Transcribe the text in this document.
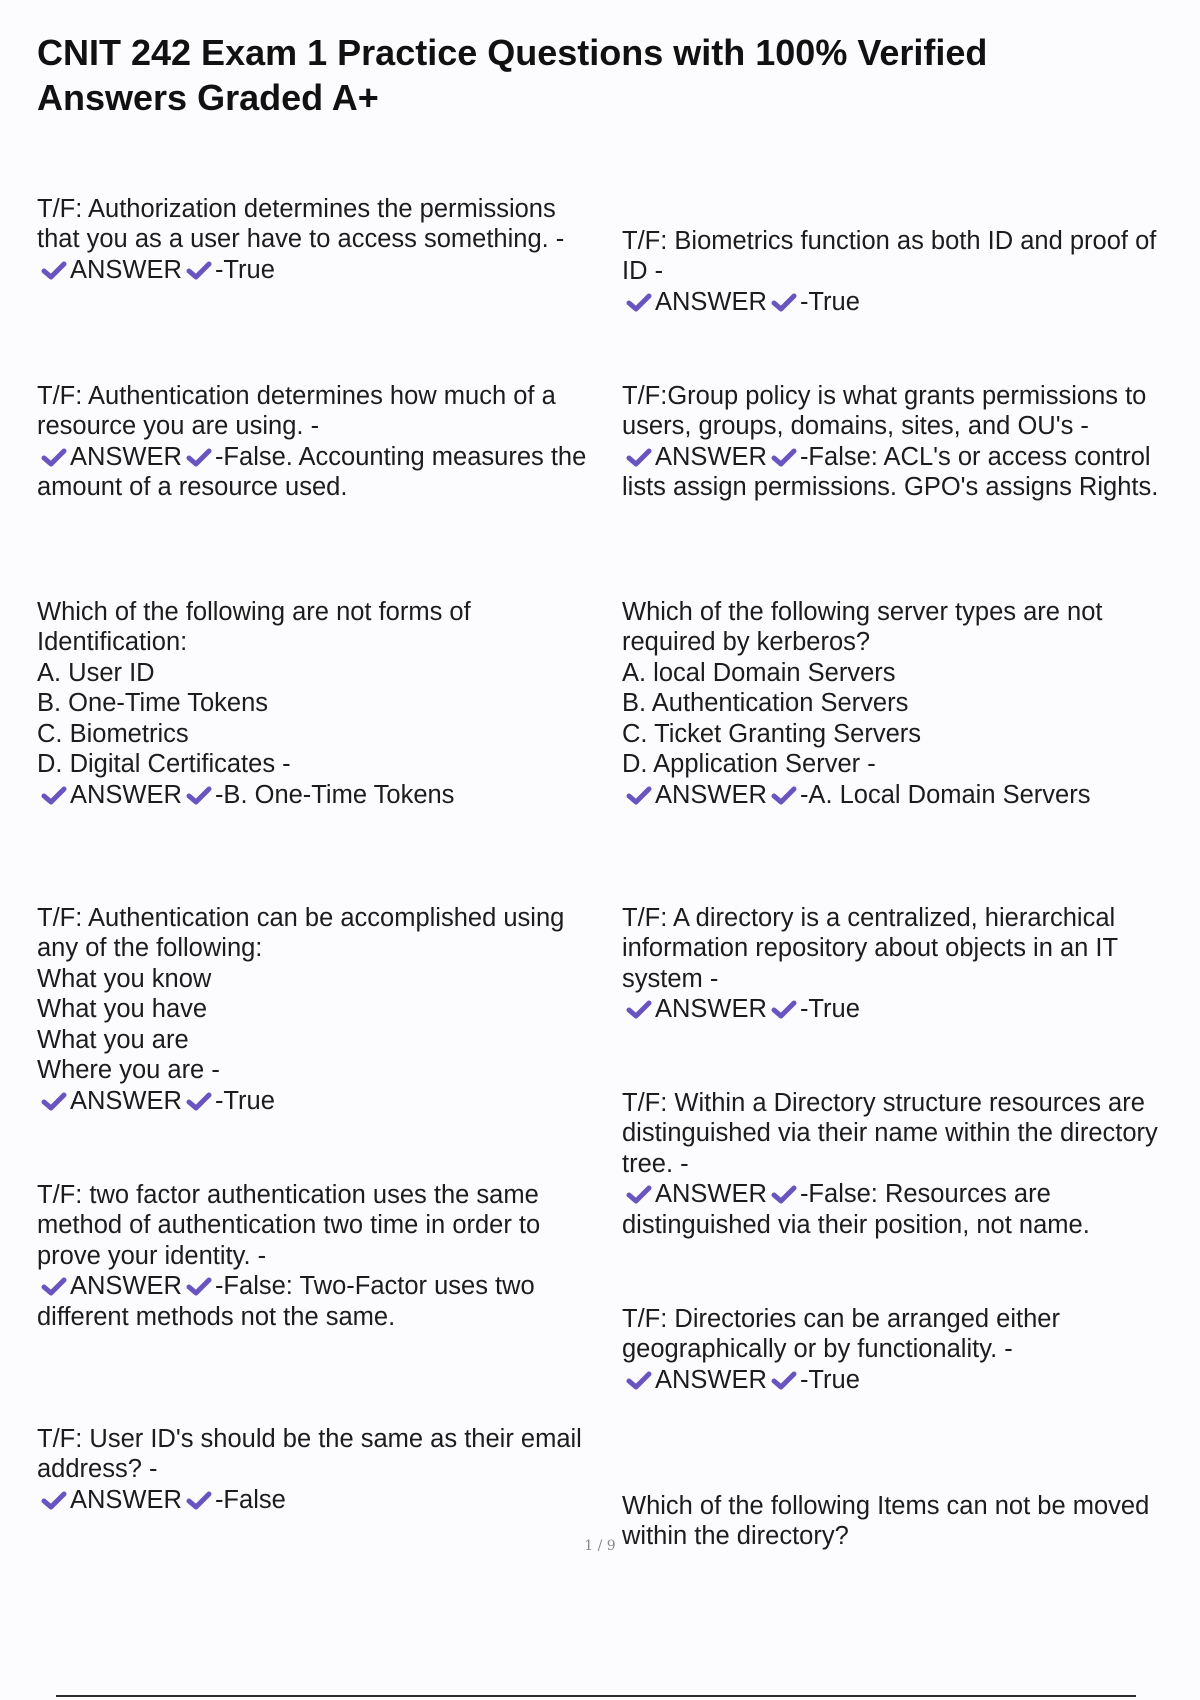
CNIT 242 Exam 1 Practice Questions with 100% Verified Answers Graded A+

T/F: Authorization determines the permissions that you as a user have to access something. -
ANSWER -True

T/F: Authentication determines how much of a resource you are using. -
ANSWER -False. Accounting measures the amount of a resource used.

Which of the following are not forms of Identification:
A. User ID
B. One-Time Tokens
C. Biometrics
D. Digital Certificates -
ANSWER -B. One-Time Tokens

T/F: Authentication can be accomplished using any of the following:
What you know
What you have
What you are
Where you are -
ANSWER -True

T/F: two factor authentication uses the same method of authentication two time in order to prove your identity. -
ANSWER -False: Two-Factor uses two different methods not the same.

T/F: User ID's should be the same as their email address? -
ANSWER -False

T/F: Biometrics function as both ID and proof of ID -
ANSWER -True

T/F:Group policy is what grants permissions to users, groups, domains, sites, and OU's -
ANSWER -False: ACL's or access control lists assign permissions. GPO's assigns Rights.

Which of the following server types are not required by kerberos?
A. local Domain Servers
B. Authentication Servers
C. Ticket Granting Servers
D. Application Server -
ANSWER -A. Local Domain Servers

T/F: A directory is a centralized, hierarchical information repository about objects in an IT system -
ANSWER -True

T/F: Within a Directory structure resources are distinguished via their name within the directory tree. -
ANSWER -False: Resources are distinguished via their position, not name.

T/F: Directories can be arranged either geographically or by functionality. -
ANSWER -True

Which of the following Items can not be moved within the directory?

1 / 9
